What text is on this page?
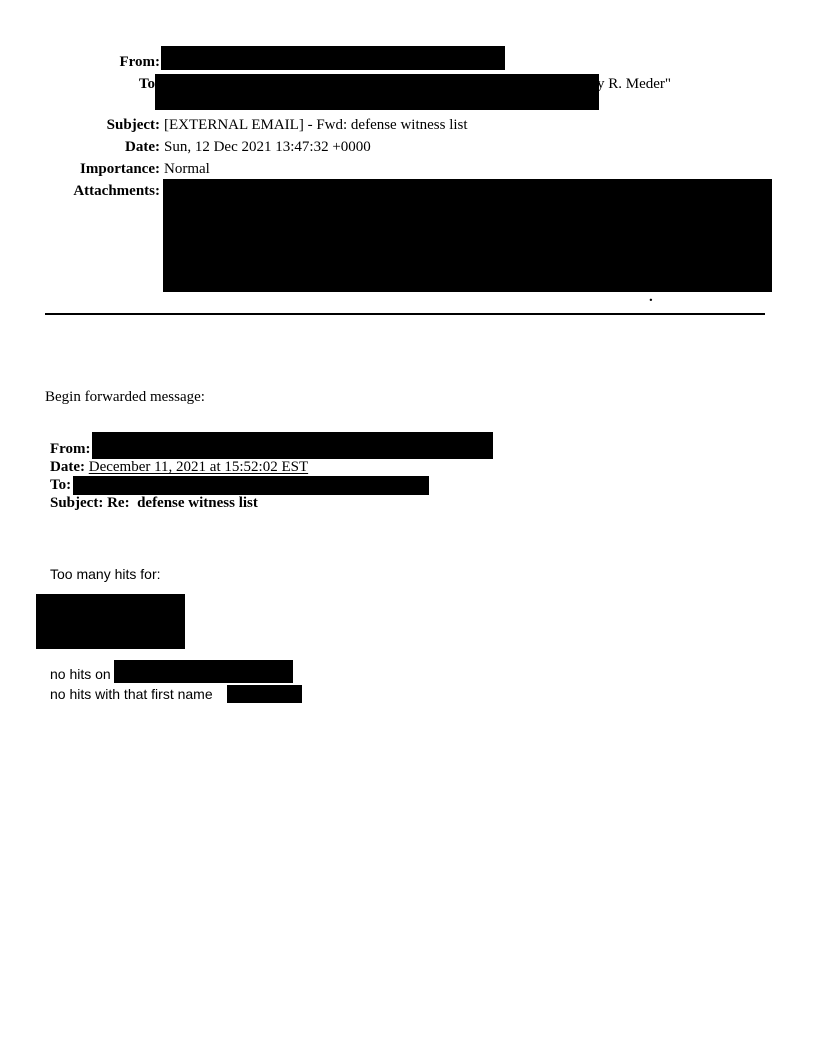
From:
To	y R. Meder"
Subject: [EXTERNAL EMAIL] - Fwd: defense witness list
Date: Sun, 12 Dec 2021 13:47:32 +0000
Importance: Normal
Attachments:
.
Begin forwarded message:
From:
Date: December 11, 2021 at 15:52:02 EST
To:
Subject: Re:  defense witness list
Too many hits for:
no hits on
no hits with that first name
